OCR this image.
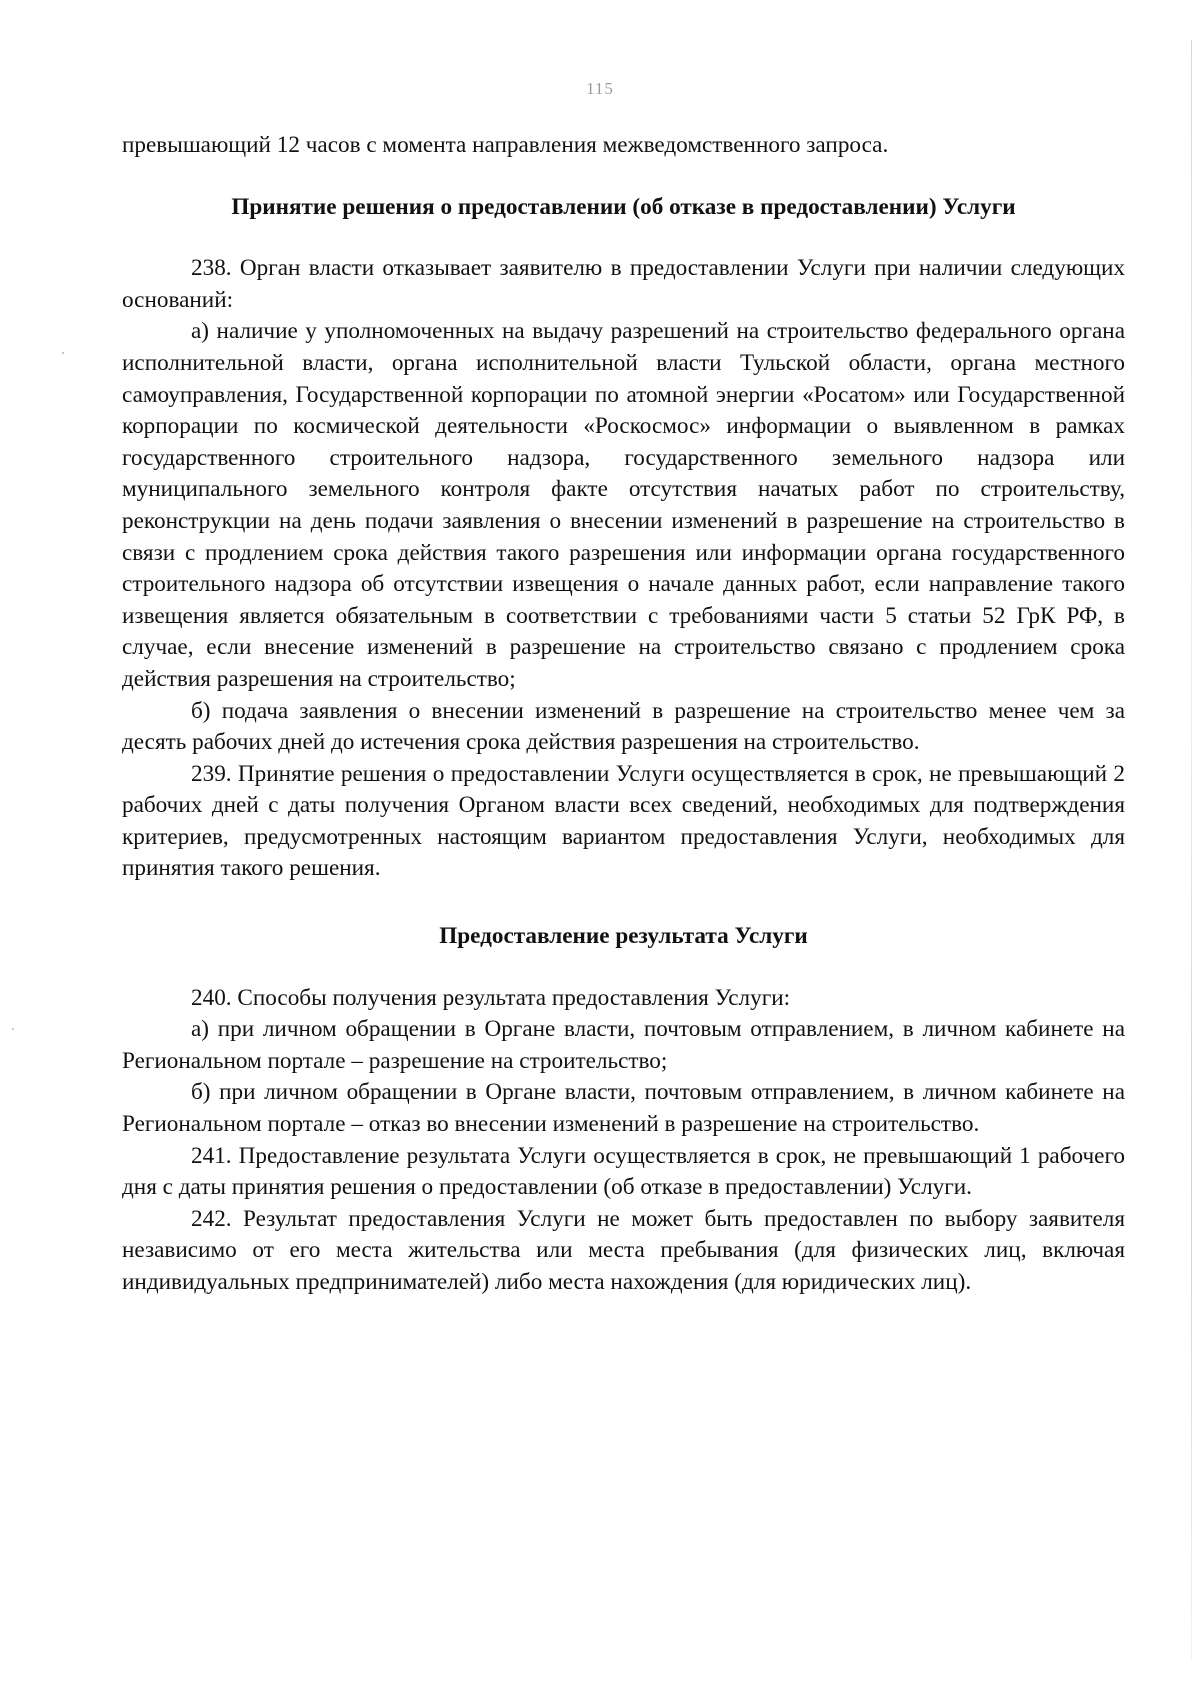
115

превышающий 12 часов с момента направления межведомственного запроса.

Принятие решения о предоставлении (об отказе в предоставлении) Услуги

238. Орган власти отказывает заявителю в предоставлении Услуги при наличии следующих оснований:

а) наличие у уполномоченных на выдачу разрешений на строительство федерального органа исполнительной власти, органа исполнительной власти Тульской области, органа местного самоуправления, Государственной корпорации по атомной энергии «Росатом» или Государственной корпорации по космической деятельности «Роскосмос» информации о выявленном в рамках государственного строительного надзора, государственного земельного надзора или муниципального земельного контроля факте отсутствия начатых работ по строительству, реконструкции на день подачи заявления о внесении изменений в разрешение на строительство в связи с продлением срока действия такого разрешения или информации органа государственного строительного надзора об отсутствии извещения о начале данных работ, если направление такого извещения является обязательным в соответствии с требованиями части 5 статьи 52 ГрК РФ, в случае, если внесение изменений в разрешение на строительство связано с продлением срока действия разрешения на строительство;

б) подача заявления о внесении изменений в разрешение на строительство менее чем за десять рабочих дней до истечения срока действия разрешения на строительство.

239. Принятие решения о предоставлении Услуги осуществляется в срок, не превышающий 2 рабочих дней с даты получения Органом власти всех сведений, необходимых для подтверждения критериев, предусмотренных настоящим вариантом предоставления Услуги, необходимых для принятия такого решения.

Предоставление результата Услуги

240. Способы получения результата предоставления Услуги:

а) при личном обращении в Органе власти, почтовым отправлением, в личном кабинете на Региональном портале – разрешение на строительство;

б) при личном обращении в Органе власти, почтовым отправлением, в личном кабинете на Региональном портале – отказ во внесении изменений в разрешение на строительство.

241. Предоставление результата Услуги осуществляется в срок, не превышающий 1 рабочего дня с даты принятия решения о предоставлении (об отказе в предоставлении) Услуги.

242. Результат предоставления Услуги не может быть предоставлен по выбору заявителя независимо от его места жительства или места пребывания (для физических лиц, включая индивидуальных предпринимателей) либо места нахождения (для юридических лиц).
